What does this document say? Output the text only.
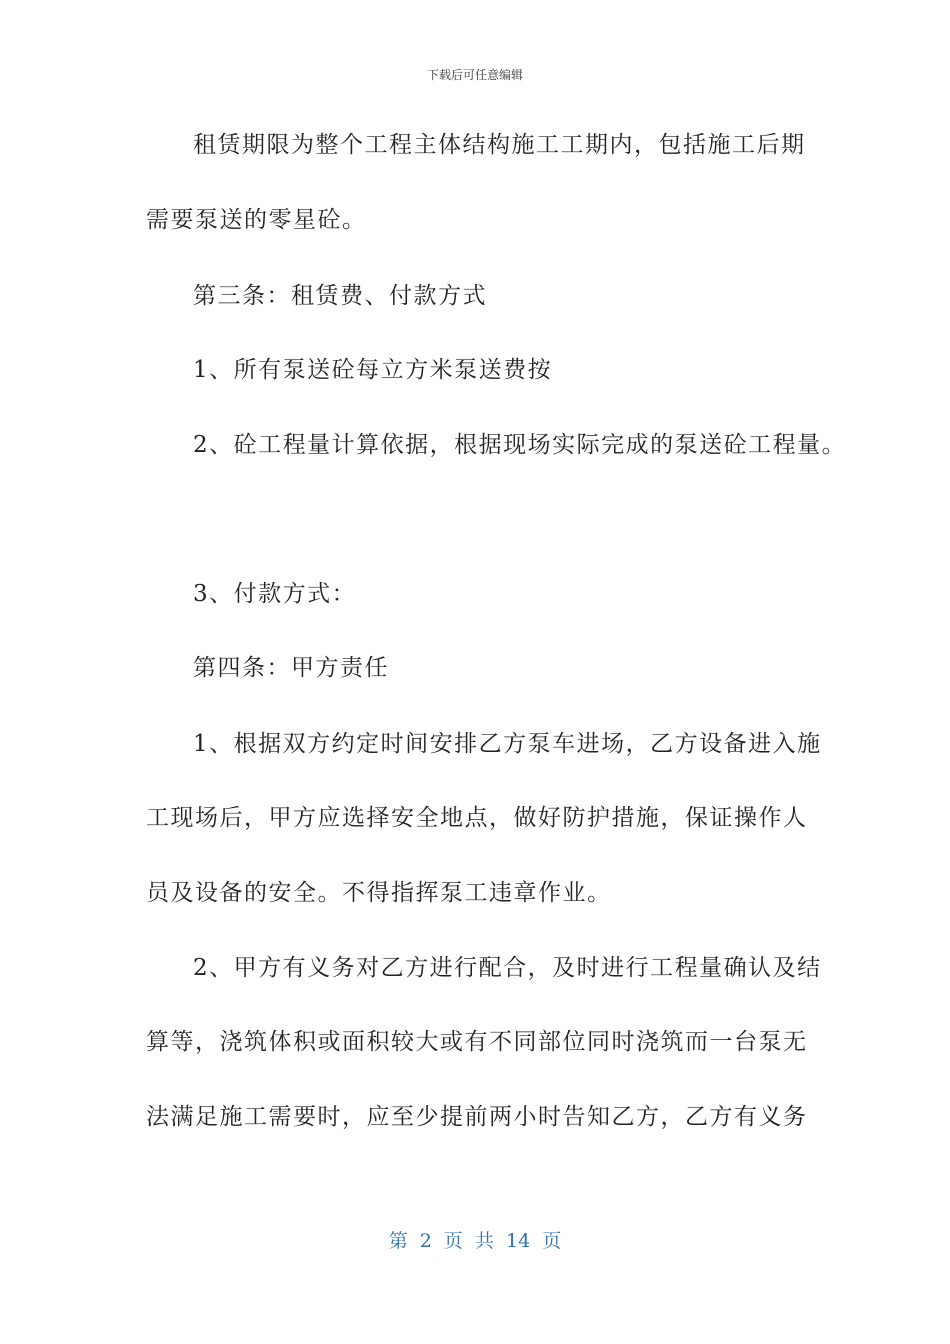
下载后可任意编辑
租赁期限为整个工程主体结构施工工期内，包括施工后期
需要泵送的零星砼。
第三条：租赁费、付款方式
1、所有泵送砼每立方米泵送费按
2、砼工程量计算依据，根据现场实际完成的泵送砼工程量。
3、付款方式：
第四条：甲方责任
1、根据双方约定时间安排乙方泵车进场，乙方设备进入施
工现场后，甲方应选择安全地点，做好防护措施，保证操作人
员及设备的安全。不得指挥泵工违章作业。
2、甲方有义务对乙方进行配合，及时进行工程量确认及结
算等，浇筑体积或面积较大或有不同部位同时浇筑而一台泵无
法满足施工需要时，应至少提前两小时告知乙方，乙方有义务
第 2 页 共 14 页
